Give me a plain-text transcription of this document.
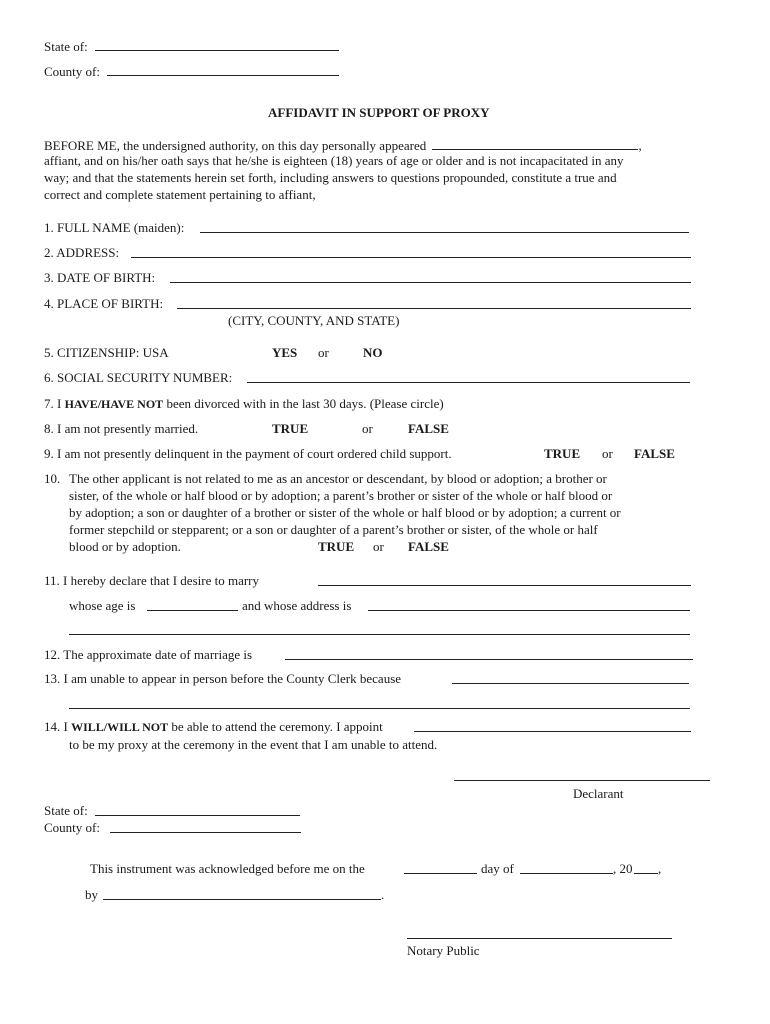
State of:
County of:
AFFIDAVIT IN SUPPORT OF PROXY
BEFORE ME, the undersigned authority, on this day personally appeared	,
affiant, and on his/her oath says that he/she is eighteen (18) years of age or older and is not incapacitated in any
way; and that the statements herein set forth, including answers to questions propounded, constitute a true and
correct and complete statement pertaining to affiant,
1. FULL NAME (maiden):
2. ADDRESS:
3. DATE OF BIRTH:
4. PLACE OF BIRTH:
(CITY, COUNTY, AND STATE)
5. CITIZENSHIP: USA	YES or	NO
6. SOCIAL SECURITY NUMBER:
7. I HAVE/HAVE NOT been divorced with in the last 30 days. (Please circle)
8. I am not presently married.	TRUE	or	FALSE
9. I am not presently delinquent in the payment of court ordered child support.	TRUE or FALSE
10. The other applicant is not related to me as an ancestor or descendant, by blood or adoption; a brother or
sister, of the whole or half blood or by adoption; a parent’s brother or sister of the whole or half blood or
by adoption; a son or daughter of a brother or sister of the whole or half blood or by adoption; a current or
former stepchild or stepparent; or a son or daughter of a parent’s brother or sister, of the whole or half
blood or by adoption.	TRUE or FALSE
11. I hereby declare that I desire to marry
whose age is	and whose address is
12. The approximate date of marriage is
13. I am unable to appear in person before the County Clerk because
14. I WILL/WILL NOT be able to attend the ceremony. I appoint
to be my proxy at the ceremony in the event that I am unable to attend.
Declarant
State of:
County of:
This instrument was acknowledged before me on the	day of	, 20 ,
by	.
Notary Public
